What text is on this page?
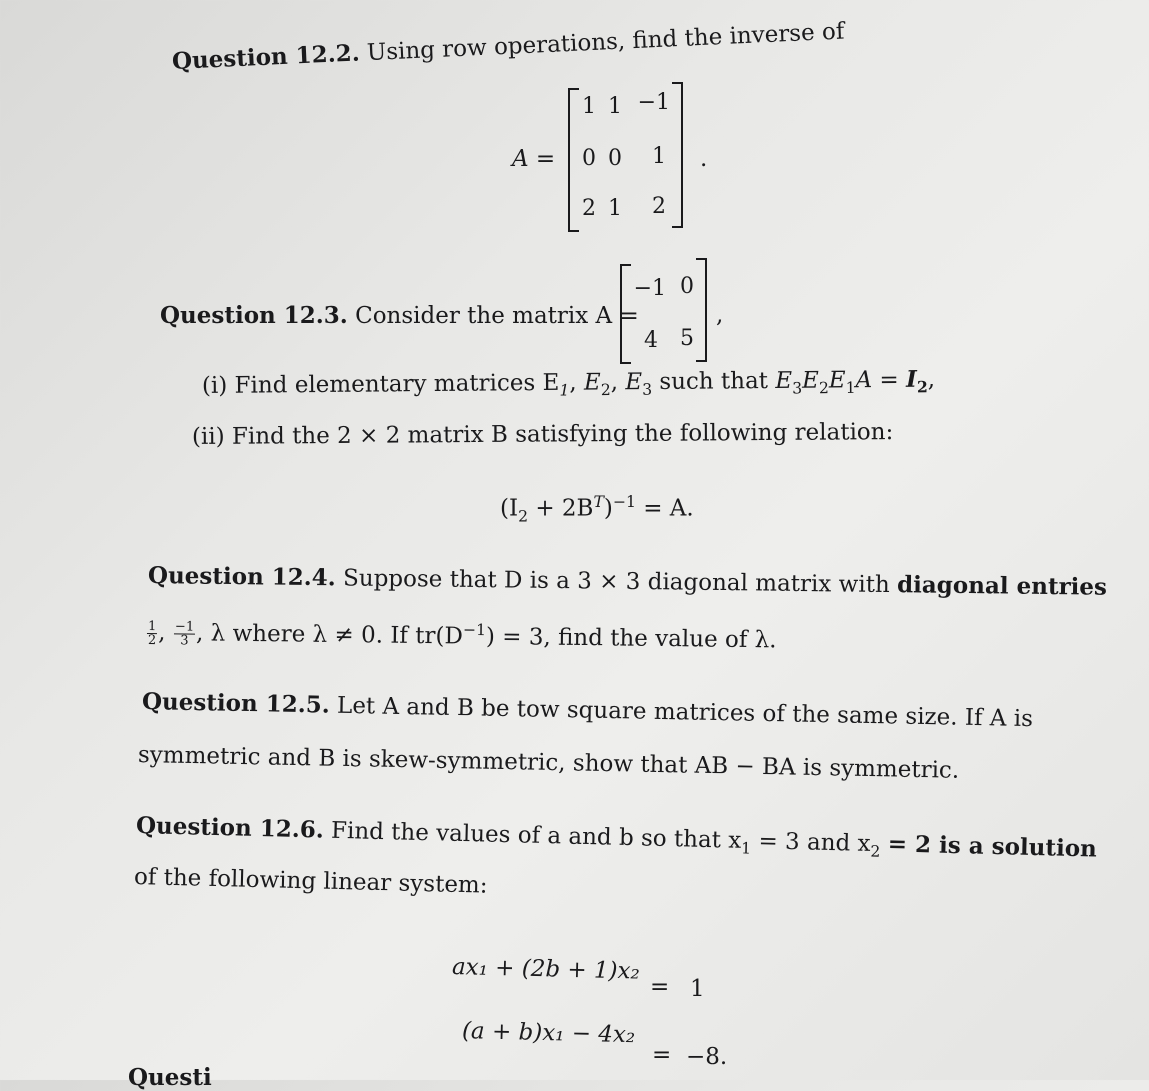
Question 12.2. Using row operations, find the inverse of
A =
1 1 −1
0 0	1
2 1	2
.
Question 12.3. Consider the matrix A =
−1 0
4 5
,
(i) Find elementary matrices $E_1$, $E_2$, $E_3$ such that $E_3E_2E_1A = I_2$,
(ii) Find the 2 × 2 matrix B satisfying the following relation:
$(I_2 + 2B^T)^{-1} = A$.
Question 12.4. Suppose that D is a 3 × 3 diagonal matrix with diagonal entries
$\frac{1}{2}$ , $\frac{-1}{3}$ , λ where λ ≠ 0. If $tr(D^{-1}) = 3$, find the value of λ.
Question 12.5. Let A and B be tow square matrices of the same size. If A is
symmetric and B is skew-symmetric, show that AB − BA is symmetric.
Question 12.6. Find the values of a and b so that $x_1 = 3$ and $x_2 = 2$ is a solution
of the following linear system:
ax₁ + (2b + 1)x₂
= 1
(a + b)x₁ − 4x₂
= −8.
Questi
